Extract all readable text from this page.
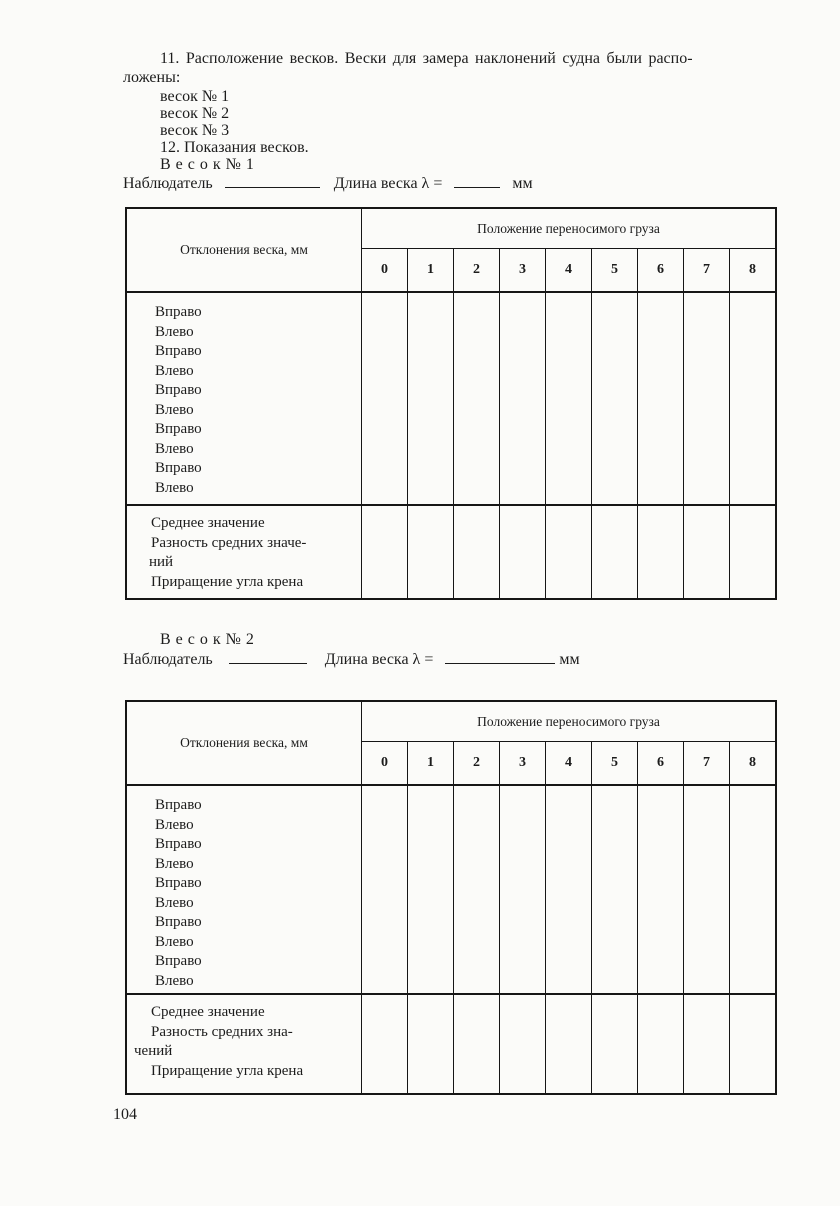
11. Расположение весков. Вески для замера наклонений судна были распо-
ложены:
весок № 1
весок № 2
весок № 3
12. Показания весков.
В е с о к № 1
Наблюдатель	Длина веска λ =	мм
Отклонения веска, мм
Положение переносимого груза
0	1	2	3	4	5	6	7	8
Вправо
Влево
Вправо
Влево
Вправо
Влево
Вправо
Влево
Вправо
Влево
Среднее значение
Разность средних значе-
ний
Приращение угла крена
В е с о к № 2
Наблюдатель	Длина веска λ =	мм
Отклонения веска, мм
Положение переносимого груза
0	1	2	3	4	5	6	7	8
Вправо
Влево
Вправо
Влево
Вправо
Влево
Вправо
Влево
Вправо
Влево
Среднее значение
Разность средних зна-
чений
Приращение угла крена
104
